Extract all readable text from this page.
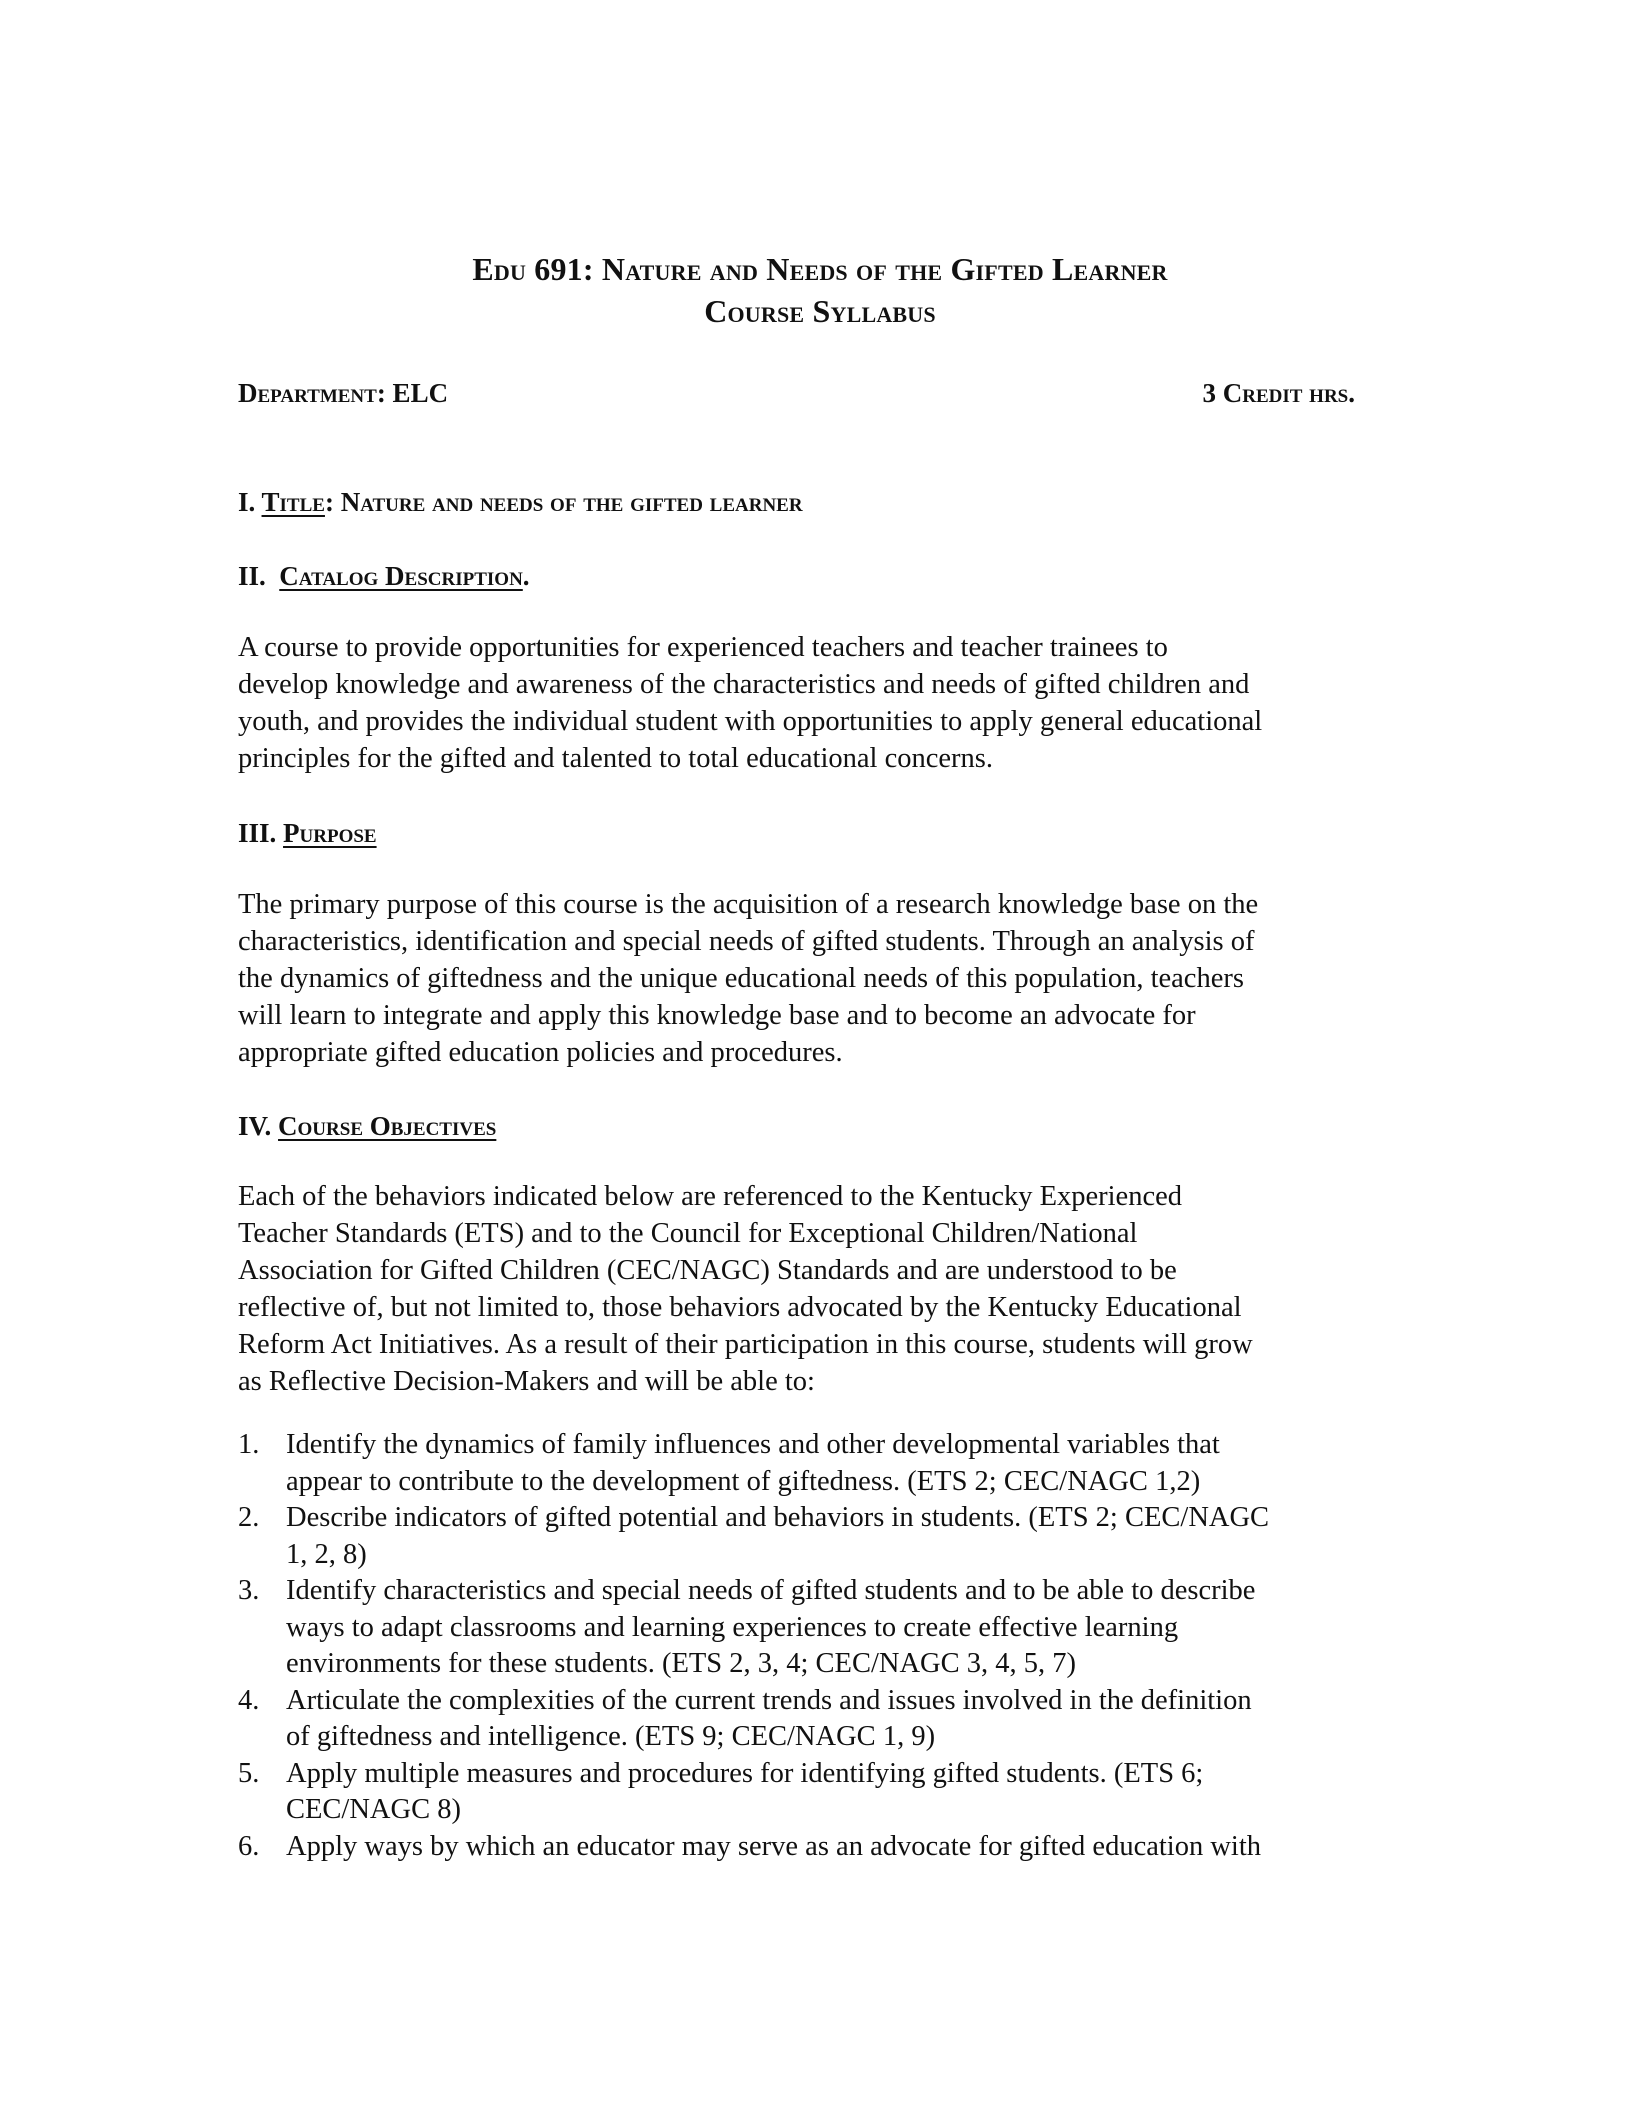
Edu 691: Nature and Needs of the Gifted Learner
Course Syllabus
Department: ELC	3 Credit hrs.
I. Title: Nature and needs of the gifted learner
II.  Catalog Description.
A course to provide opportunities for experienced teachers and teacher trainees to
develop knowledge and awareness of the characteristics and needs of gifted children and
youth, and provides the individual student with opportunities to apply general educational
principles for the gifted and talented to total educational concerns.
III. Purpose
The primary purpose of this course is the acquisition of a research knowledge base on the
characteristics, identification and special needs of gifted students. Through an analysis of
the dynamics of giftedness and the unique educational needs of this population, teachers
will learn to integrate and apply this knowledge base and to become an advocate for
appropriate gifted education policies and procedures.
IV. Course Objectives
Each of the behaviors indicated below are referenced to the Kentucky Experienced
Teacher Standards (ETS) and to the Council for Exceptional Children/National
Association for Gifted Children (CEC/NAGC) Standards and are understood to be
reflective of, but not limited to, those behaviors advocated by the Kentucky Educational
Reform Act Initiatives. As a result of their participation in this course, students will grow
as Reflective Decision-Makers and will be able to:
1. Identify the dynamics of family influences and other developmental variables that
appear to contribute to the development of giftedness. (ETS 2; CEC/NAGC 1,2)
2. Describe indicators of gifted potential and behaviors in students. (ETS 2; CEC/NAGC
1, 2, 8)
3. Identify characteristics and special needs of gifted students and to be able to describe
ways to adapt classrooms and learning experiences to create effective learning
environments for these students. (ETS 2, 3, 4; CEC/NAGC 3, 4, 5, 7)
4. Articulate the complexities of the current trends and issues involved in the definition
of giftedness and intelligence. (ETS 9; CEC/NAGC 1, 9)
5. Apply multiple measures and procedures for identifying gifted students. (ETS 6;
CEC/NAGC 8)
6. Apply ways by which an educator may serve as an advocate for gifted education with
